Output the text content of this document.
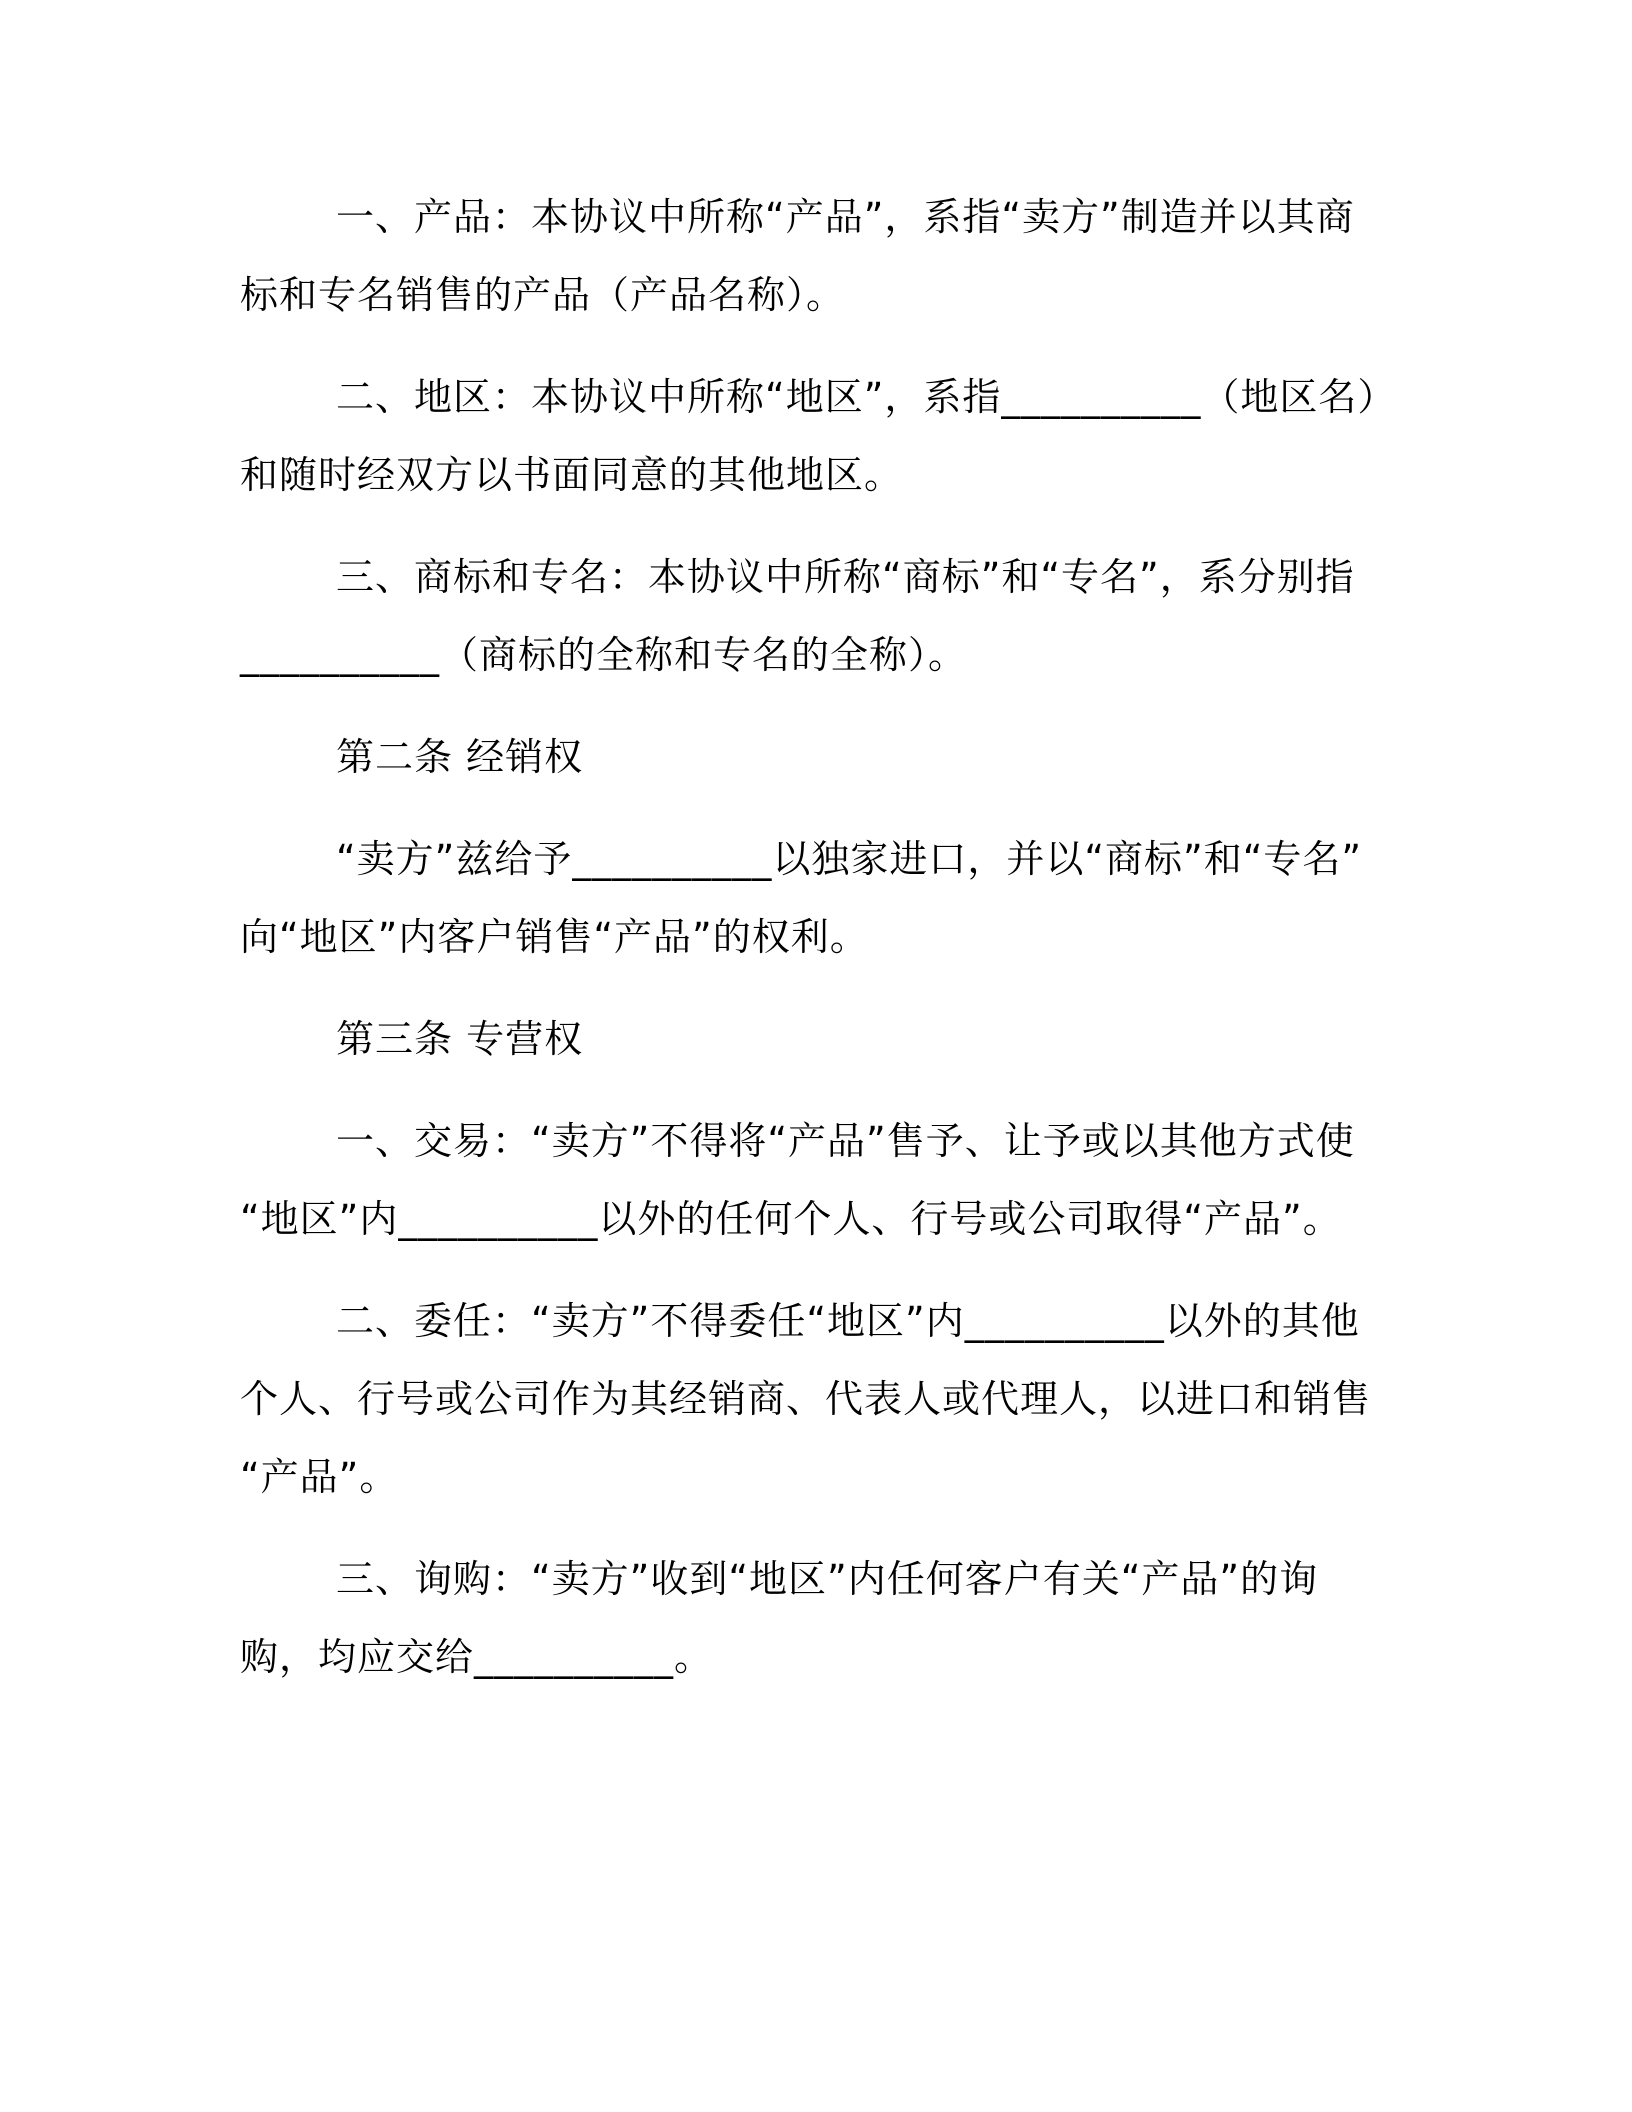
一、产品：本协议中所称“产品”，系指“卖方”制造并以其商
标和专名销售的产品（产品名称）。

二、地区：本协议中所称“地区”，系指__________（地区名）
和随时经双方以书面同意的其他地区。

三、商标和专名：本协议中所称“商标”和“专名”，系分别指
__________（商标的全称和专名的全称）。

第二条 经销权

“卖方”兹给予__________以独家进口，并以“商标”和“专名”
向“地区”内客户销售“产品”的权利。

第三条 专营权

一、交易：“卖方”不得将“产品”售予、让予或以其他方式使
“地区”内__________以外的任何个人、行号或公司取得“产品”。

二、委任：“卖方”不得委任“地区”内__________以外的其他
个人、行号或公司作为其经销商、代表人或代理人，以进口和销售
“产品”。

三、询购：“卖方”收到“地区”内任何客户有关“产品”的询
购，均应交给__________。
